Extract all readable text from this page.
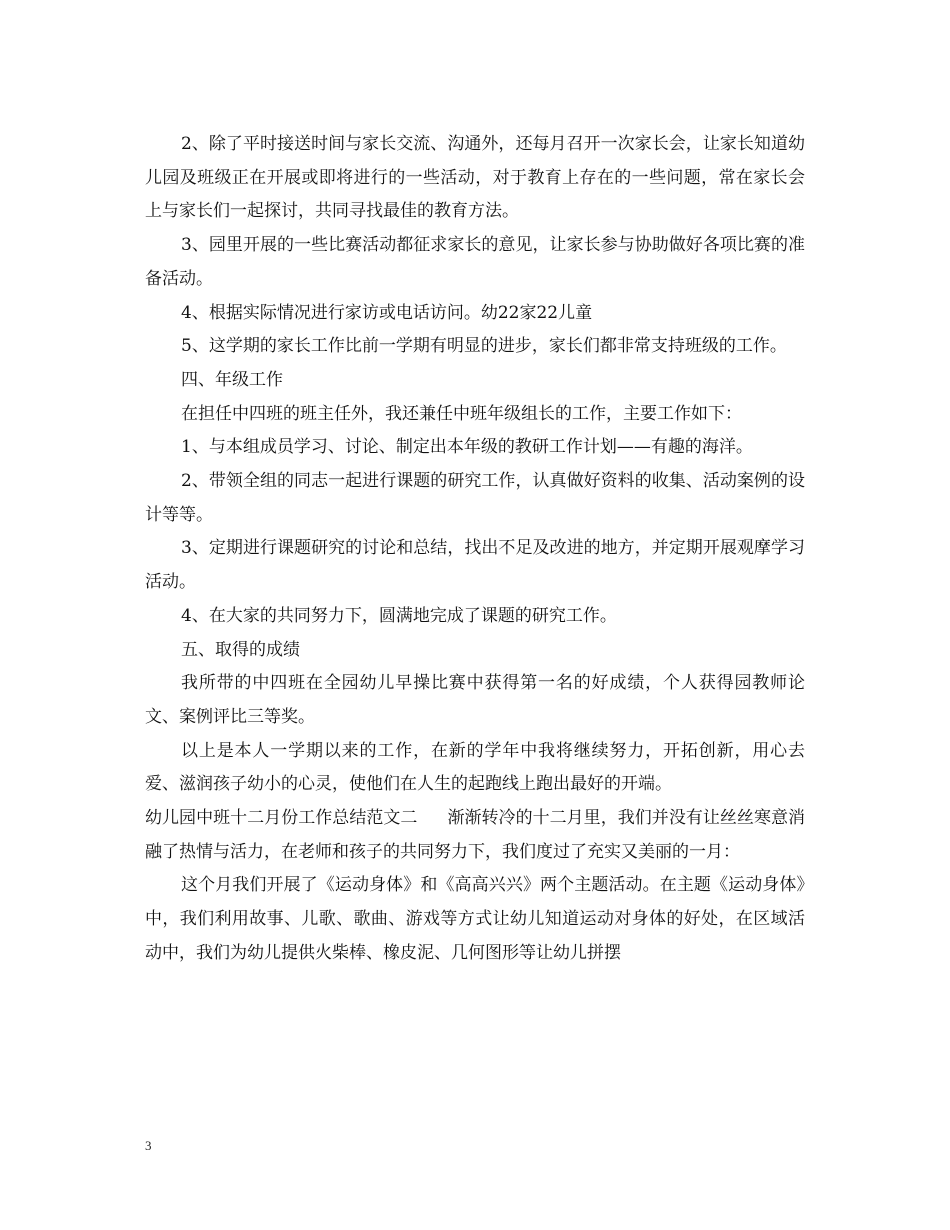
2、除了平时接送时间与家长交流、沟通外，还每月召开一次家长会，让家长知道幼儿园及班级正在开展或即将进行的一些活动，对于教育上存在的一些问题，常在家长会上与家长们一起探讨，共同寻找最佳的教育方法。

3、园里开展的一些比赛活动都征求家长的意见，让家长参与协助做好各项比赛的准备活动。

4、根据实际情况进行家访或电话访问。幼22家22儿童

5、这学期的家长工作比前一学期有明显的进步，家长们都非常支持班级的工作。

四、年级工作

在担任中四班的班主任外，我还兼任中班年级组长的工作，主要工作如下：

1、与本组成员学习、讨论、制定出本年级的教研工作计划——有趣的海洋。

2、带领全组的同志一起进行课题的研究工作，认真做好资料的收集、活动案例的设计等等。

3、定期进行课题研究的讨论和总结，找出不足及改进的地方，并定期开展观摩学习活动。

4、在大家的共同努力下，圆满地完成了课题的研究工作。

五、取得的成绩

我所带的中四班在全园幼儿早操比赛中获得第一名的好成绩，个人获得园教师论文、案例评比三等奖。

以上是本人一学期以来的工作，在新的学年中我将继续努力，开拓创新，用心去爱、滋润孩子幼小的心灵，使他们在人生的起跑线上跑出最好的开端。

幼儿园中班十二月份工作总结范文二 渐渐转冷的十二月里，我们并没有让丝丝寒意消融了热情与活力，在老师和孩子的共同努力下，我们度过了充实又美丽的一月：

这个月我们开展了《运动身体》和《高高兴兴》两个主题活动。在主题《运动身体》中，我们利用故事、儿歌、歌曲、游戏等方式让幼儿知道运动对身体的好处，在区域活动中，我们为幼儿提供火柴棒、橡皮泥、几何图形等让幼儿拼摆

3
